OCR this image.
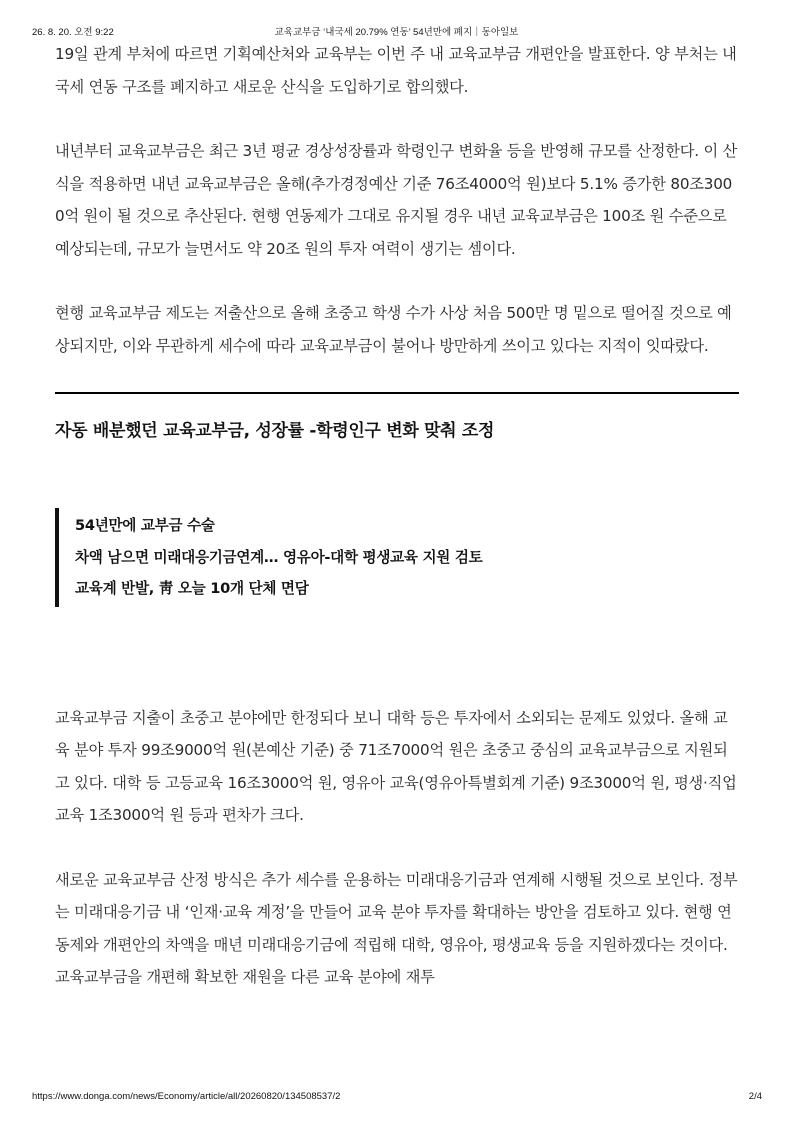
26. 8. 20. 오전 9:22	교육교부금 ‘내국세 20.79% 연동’ 54년만에 폐지｜동아일보

19일 관계 부처에 따르면 기획예산처와 교육부는 이번 주 내 교육교부금 개편안을 발표한다. 양 부처는 내국세 연동 구조를 폐지하고 새로운 산식을 도입하기로 합의했다.

내년부터 교육교부금은 최근 3년 평균 경상성장률과 학령인구 변화율 등을 반영해 규모를 산정한다. 이 산식을 적용하면 내년 교육교부금은 올해(추가경정예산 기준 76조4000억 원)보다 5.1% 증가한 80조3000억 원이 될 것으로 추산된다. 현행 연동제가 그대로 유지될 경우 내년 교육교부금은 100조 원 수준으로 예상되는데, 규모가 늘면서도 약 20조 원의 투자 여력이 생기는 셈이다.

현행 교육교부금 제도는 저출산으로 올해 초중고 학생 수가 사상 처음 500만 명 밑으로 떨어질 것으로 예상되지만, 이와 무관하게 세수에 따라 교육교부금이 불어나 방만하게 쓰이고 있다는 지적이 잇따랐다.

자동 배분했던 교육교부금, 성장률 -학령인구 변화 맞춰 조정
54년만에 교부금 수술
차액 남으면 미래대응기금연계… 영유아-대학 평생교육 지원 검토
교육계 반발, 靑 오늘 10개 단체 면담

교육교부금 지출이 초중고 분야에만 한정되다 보니 대학 등은 투자에서 소외되는 문제도 있었다. 올해 교육 분야 투자 99조9000억 원(본예산 기준) 중 71조7000억 원은 초중고 중심의 교육교부금으로 지원되고 있다. 대학 등 고등교육 16조3000억 원, 영유아 교육(영유아특별회계 기준) 9조3000억 원, 평생·직업교육 1조3000억 원 등과 편차가 크다.

새로운 교육교부금 산정 방식은 추가 세수를 운용하는 미래대응기금과 연계해 시행될 것으로 보인다. 정부는 미래대응기금 내 ‘인재·교육 계정’을 만들어 교육 분야 투자를 확대하는 방안을 검토하고 있다. 현행 연동제와 개편안의 차액을 매년 미래대응기금에 적립해 대학, 영유아, 평생교육 등을 지원하겠다는 것이다. 교육교부금을 개편해 확보한 재원을 다른 교육 분야에 재투

https://www.donga.com/news/Economy/article/all/20260820/134508537/2	2/4
